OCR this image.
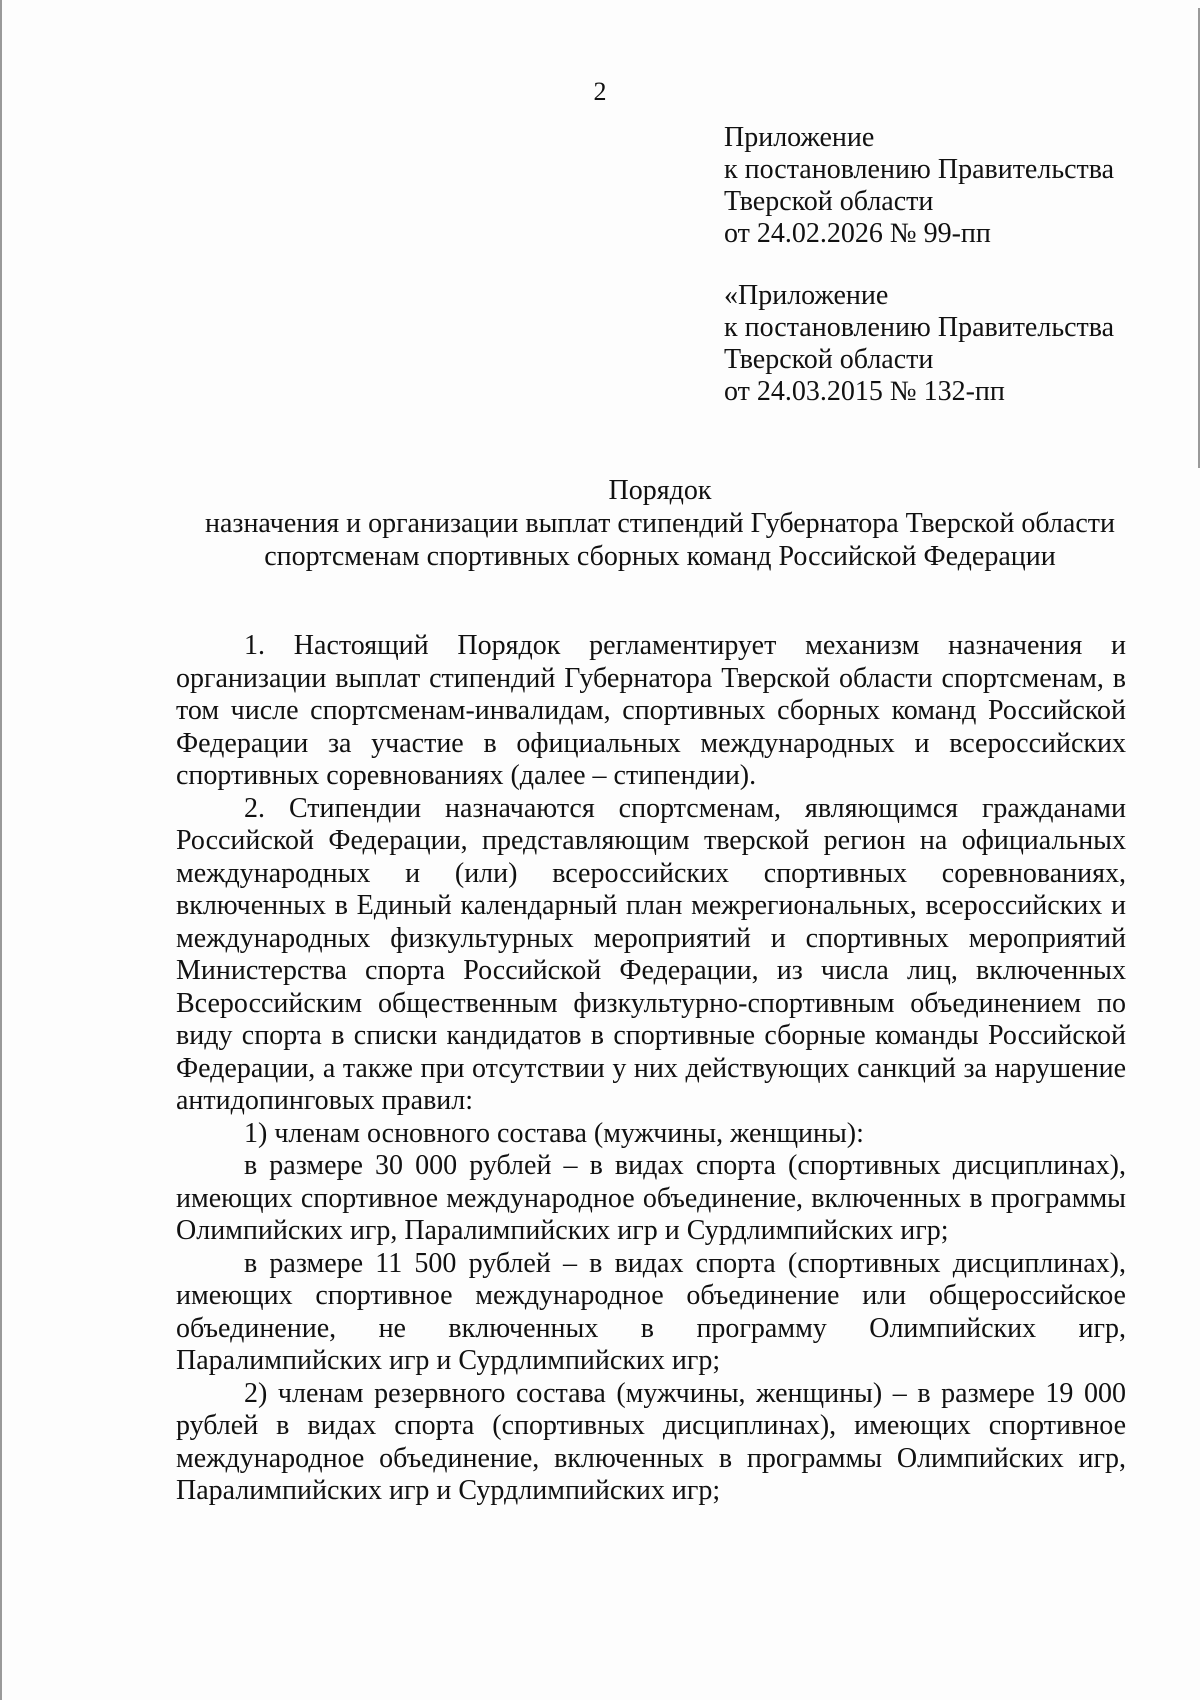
2
Приложение
к постановлению Правительства
Тверской области
от 24.02.2026 № 99-пп
«Приложение
к постановлению Правительства
Тверской области
от 24.03.2015 № 132-пп
Порядок
назначения и организации выплат стипендий Губернатора Тверской области
спортсменам спортивных сборных команд Российской Федерации

1. Настоящий Порядок регламентирует механизм назначения и организации выплат стипендий Губернатора Тверской области спортсменам, в том числе спортсменам-инвалидам, спортивных сборных команд Российской Федерации за участие в официальных международных и всероссийских спортивных соревнованиях (далее – стипендии).

2. Стипендии назначаются спортсменам, являющимся гражданами Российской Федерации, представляющим тверской регион на официальных международных и (или) всероссийских спортивных соревнованиях, включенных в Единый календарный план межрегиональных, всероссийских и международных физкультурных мероприятий и спортивных мероприятий Министерства спорта Российской Федерации, из числа лиц, включенных Всероссийским общественным физкультурно-спортивным объединением по виду спорта в списки кандидатов в спортивные сборные команды Российской Федерации, а также при отсутствии у них действующих санкций за нарушение антидопинговых правил:

1) членам основного состава (мужчины, женщины):

в размере 30 000 рублей – в видах спорта (спортивных дисциплинах), имеющих спортивное международное объединение, включенных в программы Олимпийских игр, Паралимпийских игр и Сурдлимпийских игр;

в размере 11 500 рублей – в видах спорта (спортивных дисциплинах), имеющих спортивное международное объединение или общероссийское объединение, не включенных в программу Олимпийских игр, Паралимпийских игр и Сурдлимпийских игр;

2) членам резервного состава (мужчины, женщины) – в размере 19 000 рублей в видах спорта (спортивных дисциплинах), имеющих спортивное международное объединение, включенных в программы Олимпийских игр, Паралимпийских игр и Сурдлимпийских игр;
